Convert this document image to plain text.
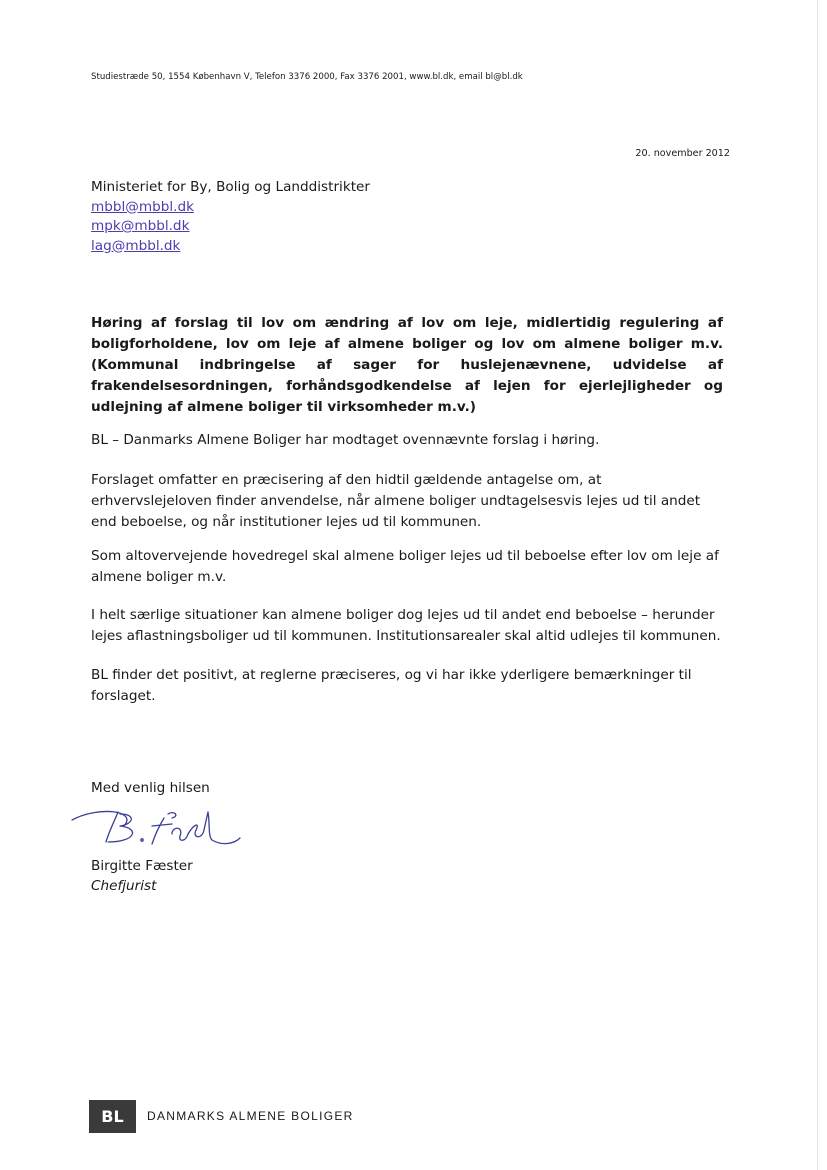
Studiestræde 50, 1554 København V, Telefon 3376 2000, Fax 3376 2001, www.bl.dk, email bl@bl.dk
20. november 2012
Ministeriet for By, Bolig og Landdistrikter
mbbl@mbbl.dk
mpk@mbbl.dk
lag@mbbl.dk
Høring af forslag til lov om ændring af lov om leje, midlertidig regulering af boligforholdene, lov om leje af almene boliger og lov om almene boliger m.v. (Kommunal indbringelse af sager for huslejenævnene, udvidelse af frakendelsesordningen, forhåndsgodkendelse af lejen for ejerlejligheder og udlejning af almene boliger til virksomheder m.v.)

BL – Danmarks Almene Boliger har modtaget ovennævnte forslag i høring.

Forslaget omfatter en præcisering af den hidtil gældende antagelse om, at erhvervslejeloven finder anvendelse, når almene boliger undtagelsesvis lejes ud til andet end beboelse, og når institutioner lejes ud til kommunen.

Som altovervejende hovedregel skal almene boliger lejes ud til beboelse efter lov om leje af almene boliger m.v.

I helt særlige situationer kan almene boliger dog lejes ud til andet end beboelse – herunder lejes aflastningsboliger ud til kommunen. Institutionsarealer skal altid udlejes til kommunen.

BL finder det positivt, at reglerne præciseres, og vi har ikke yderligere bemærkninger til forslaget.

Med venlig hilsen
Birgitte Fæster
Chefjurist
BL	DANMARKS ALMENE BOLIGER
